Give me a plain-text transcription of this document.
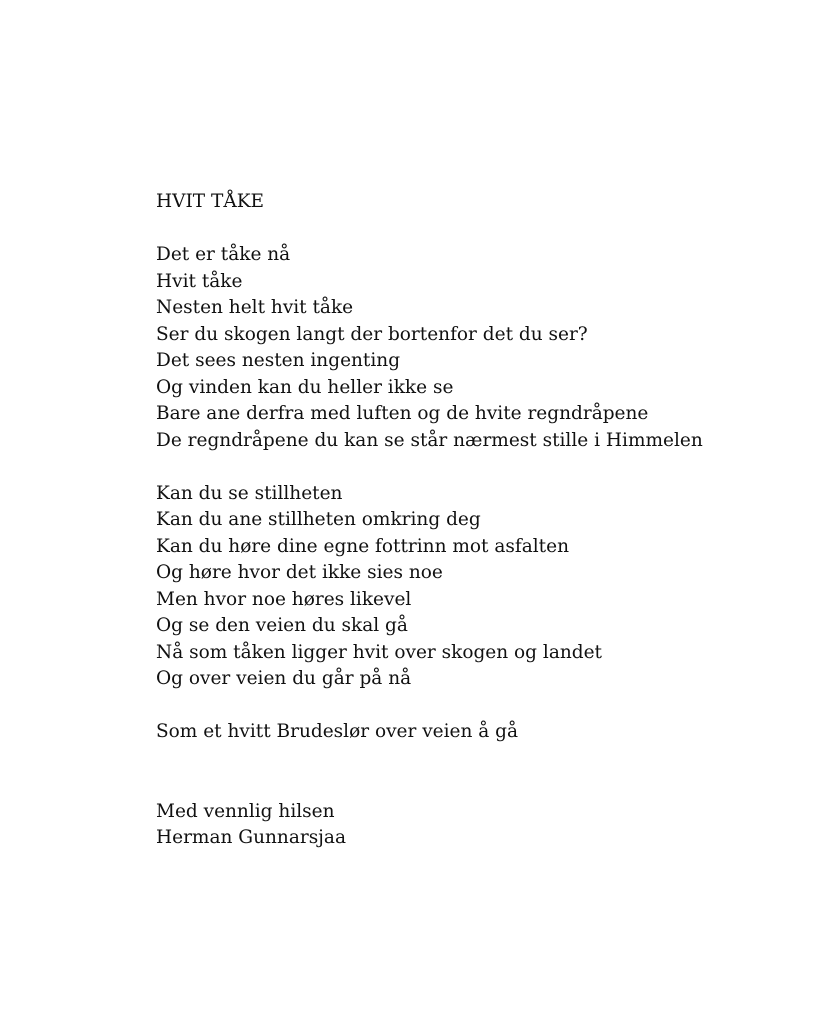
HVIT TÅKE
Det er tåke nå
Hvit tåke
Nesten helt hvit tåke
Ser du skogen langt der bortenfor det du ser?
Det sees nesten ingenting
Og vinden kan du heller ikke se
Bare ane derfra med luften og de hvite regndråpene
De regndråpene du kan se står nærmest stille i Himmelen
Kan du se stillheten
Kan du ane stillheten omkring deg
Kan du høre dine egne fottrinn mot asfalten
Og høre hvor det ikke sies noe
Men hvor noe høres likevel
Og se den veien du skal gå
Nå som tåken ligger hvit over skogen og landet
Og over veien du går på nå
Som et hvitt Brudeslør over veien å gå
Med vennlig hilsen
Herman Gunnarsjaa
